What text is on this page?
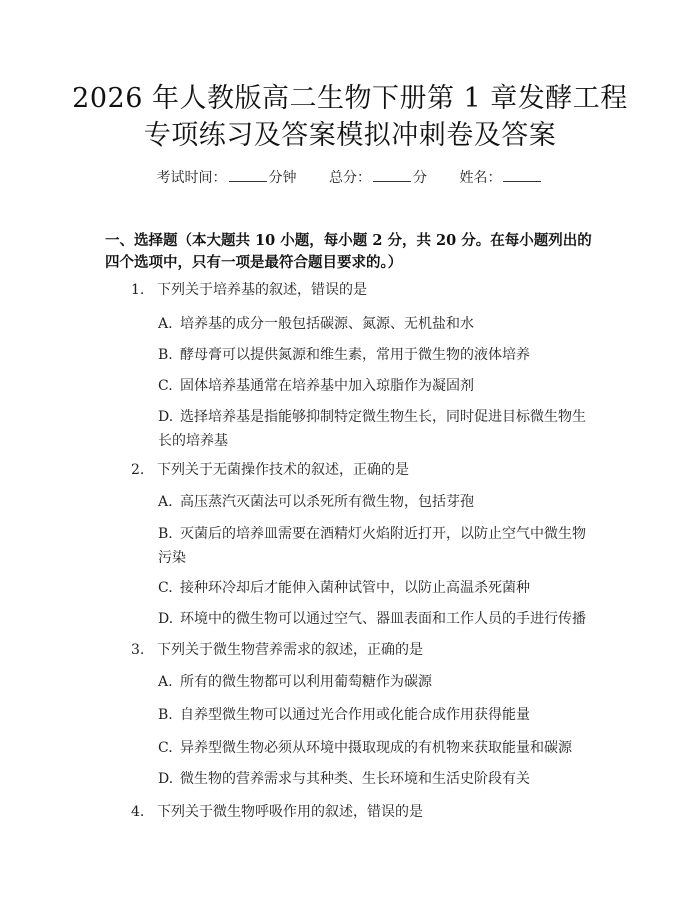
2026 年人教版高二生物下册第 1 章发酵工程
专项练习及答案模拟冲刺卷及答案
考试时间：	分钟 总分：	分 姓名：
一、选择题（本大题共 10 小题，每小题 2 分，共 20 分。在每小题列出的四个选项中，只有一项是最符合题目要求的。）
1. 下列关于培养基的叙述，错误的是
A. 培养基的成分一般包括碳源、氮源、无机盐和水
B. 酵母膏可以提供氮源和维生素，常用于微生物的液体培养
C. 固体培养基通常在培养基中加入琼脂作为凝固剂
D. 选择培养基是指能够抑制特定微生物生长，同时促进目标微生物生长的培养基
2. 下列关于无菌操作技术的叙述，正确的是
A. 高压蒸汽灭菌法可以杀死所有微生物，包括芽孢
B. 灭菌后的培养皿需要在酒精灯火焰附近打开，以防止空气中微生物污染
C. 接种环冷却后才能伸入菌种试管中，以防止高温杀死菌种
D. 环境中的微生物可以通过空气、器皿表面和工作人员的手进行传播
3. 下列关于微生物营养需求的叙述，正确的是
A. 所有的微生物都可以利用葡萄糖作为碳源
B. 自养型微生物可以通过光合作用或化能合成作用获得能量
C. 异养型微生物必须从环境中摄取现成的有机物来获取能量和碳源
D. 微生物的营养需求与其种类、生长环境和生活史阶段有关
4. 下列关于微生物呼吸作用的叙述，错误的是
